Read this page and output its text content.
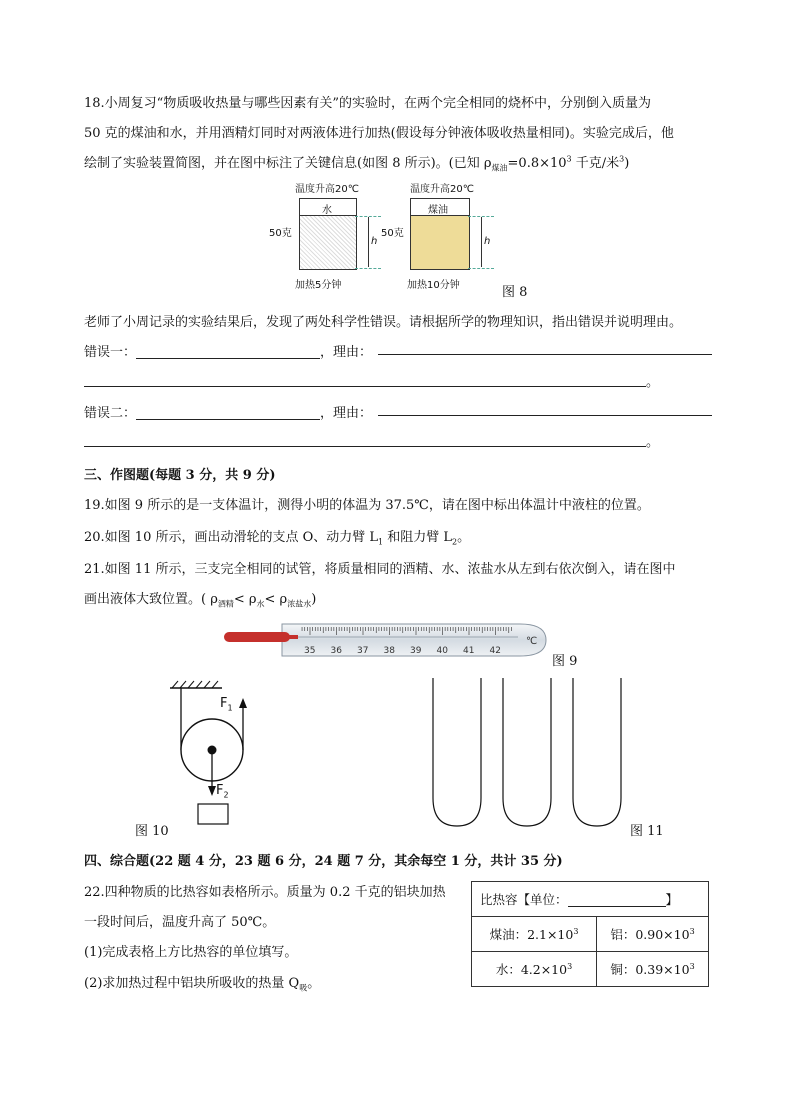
18.小周复习“物质吸收热量与哪些因素有关”的实验时，在两个完全相同的烧杯中，分别倒入质量为
50 克的煤油和水，并用酒精灯同时对两液体进行加热(假设每分钟液体吸收热量相同)。实验完成后，他
绘制了实验装置简图，并在图中标注了关键信息(如图 8 所示)。(已知 $\rho_{煤油}=0.8\times 10^3$ 千克/米$^3$)
温度升高20℃
50克
水
h
加热5分钟
温度升高20℃
50克
煤油
h
加热10分钟	图 8
老师了小周记录的实验结果后，发现了两处科学性错误。请根据所学的物理知识，指出错误并说明理由。
错误一：	，理由：
。
错误二：	，理由：
。
三、作图题(每题 3 分，共 9 分)
19.如图 9 所示的是一支体温计，测得小明的体温为 37.5℃，请在图中标出体温计中液柱的位置。
20.如图 10 所示，画出动滑轮的支点 O、动力臂 $L_1$ 和阻力臂 $L_2$。
21.如图 11 所示，三支完全相同的试管，将质量相同的酒精、水、浓盐水从左到右依次倒入，请在图中
画出液体大致位置。( $\rho_{酒精}< \rho_水< \rho_{浓盐水}$)
35 36 37 38 39 40 41 42
℃
图 9
$F_1$
$F_2$
图 10	图 11
四、综合题(22 题 4 分，23 题 6 分，24 题 7 分，其余每空 1 分，共计 35 分)
22.四种物质的比热容如表格所示。质量为 0.2 千克的铝块加热
一段时间后，温度升高了 50℃。
(1)完成表格上方比热容的单位填写。
(2)求加热过程中铝块所吸收的热量 $Q_吸$。
比热容【单位： 】	
煤油：$2.1\times 10^3$	铝：$0.90\times 10^3$
水：$4.2\times 10^3$	铜：$0.39\times 10^3$
